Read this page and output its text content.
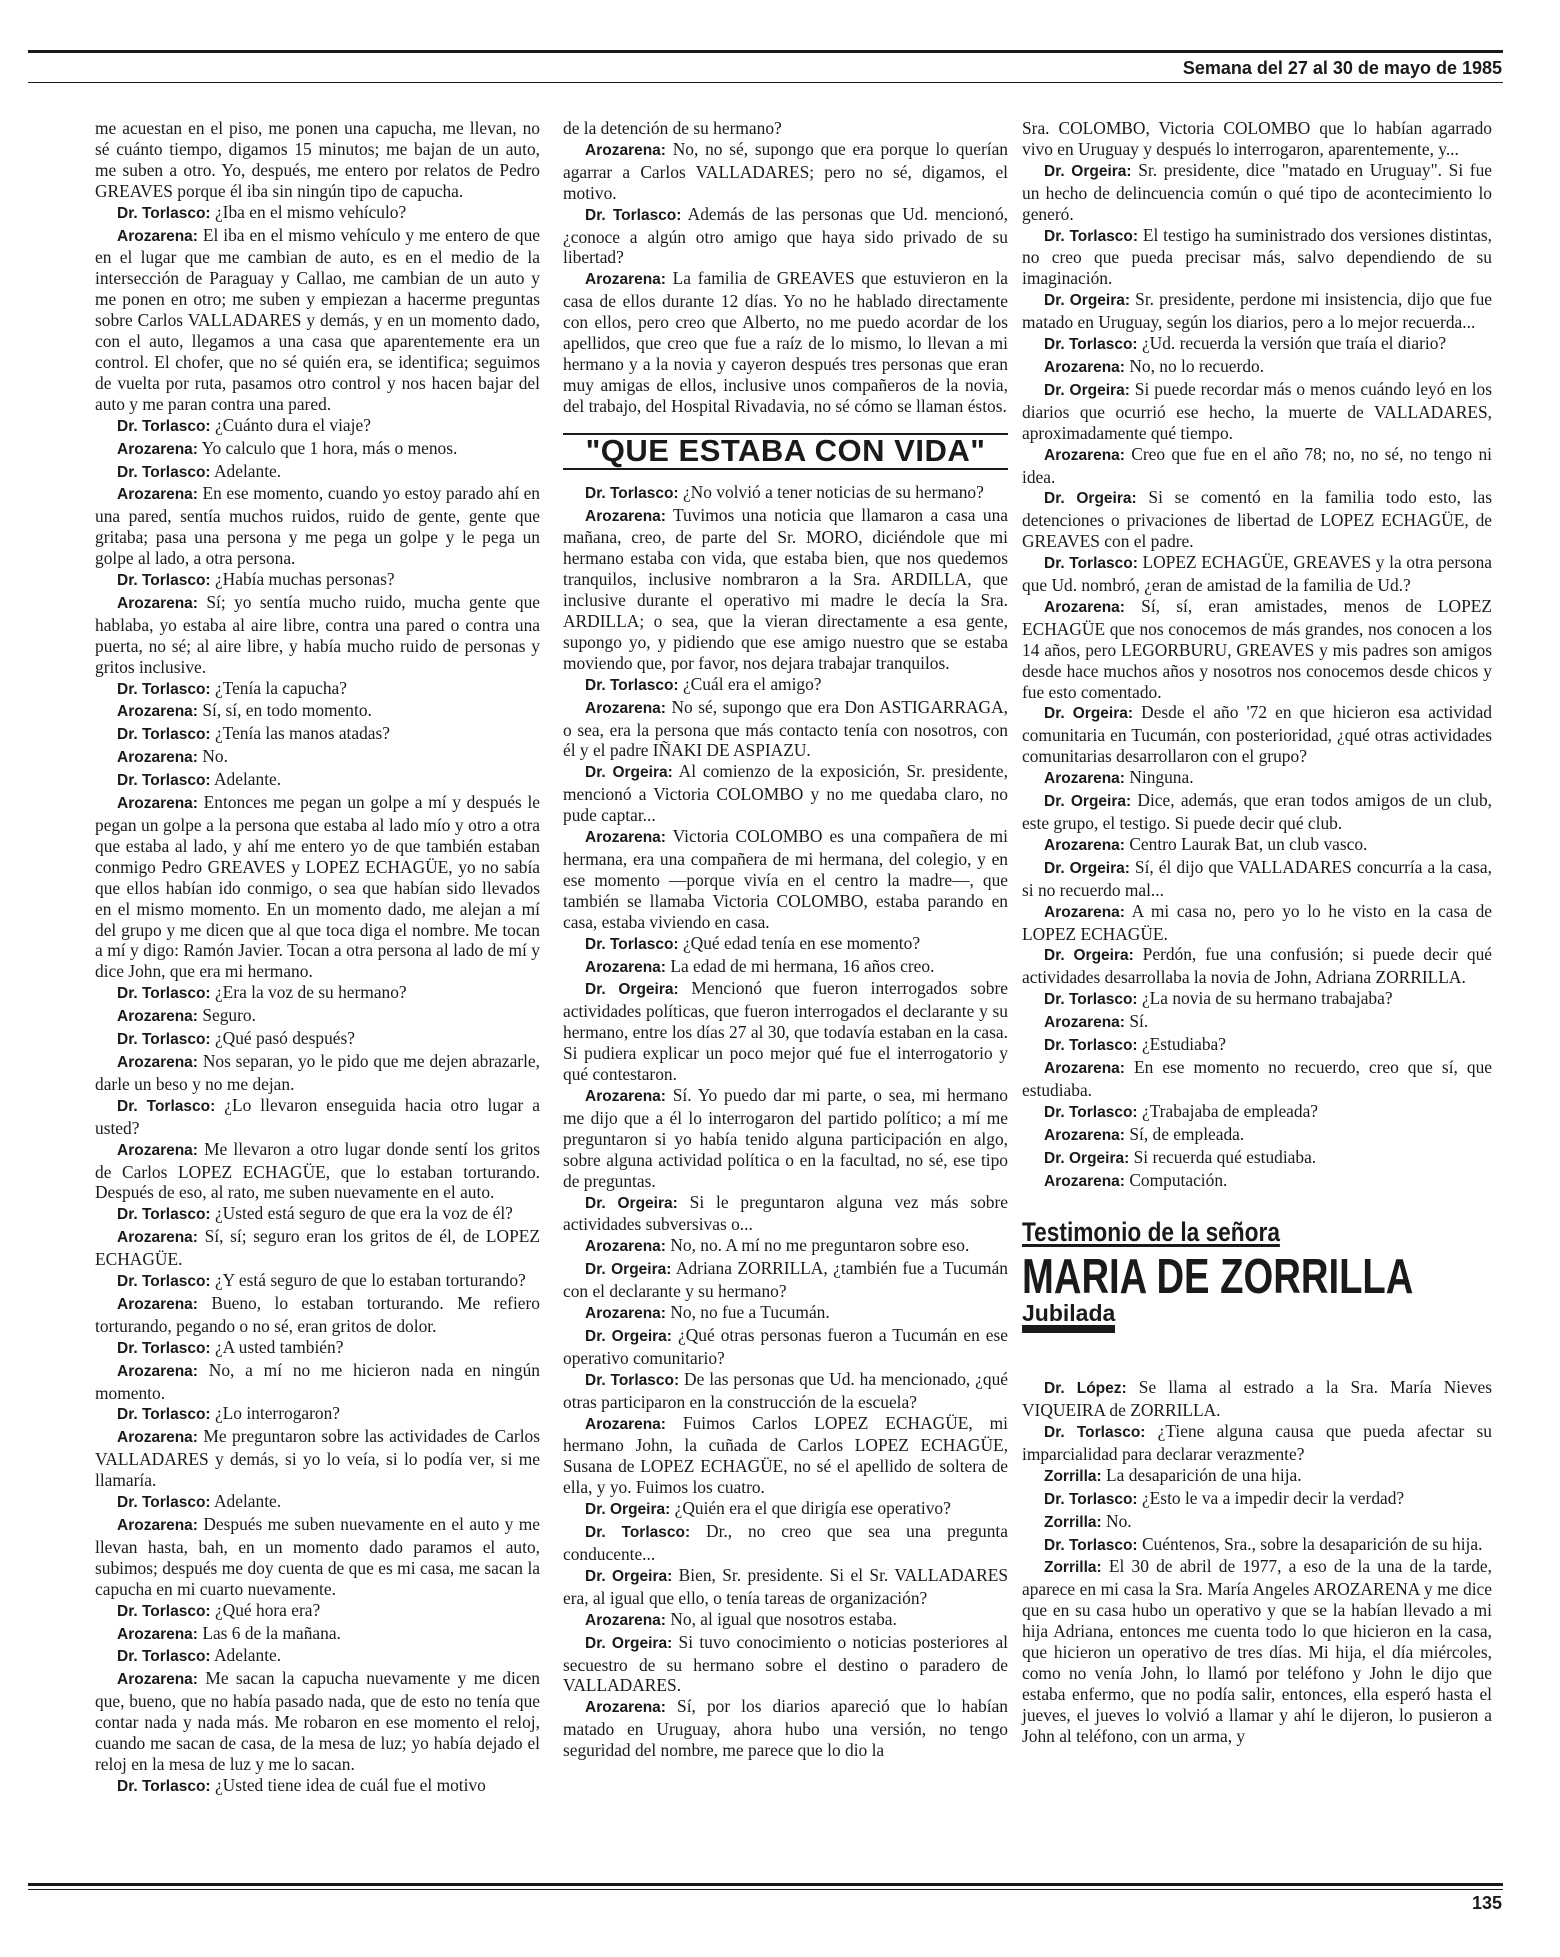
Semana del 27 al 30 de mayo de 1985

me acuestan en el piso, me ponen una capucha, me llevan, no sé cuánto tiempo, digamos 15 minutos; me bajan de un auto, me suben a otro. Yo, después, me entero por relatos de Pedro GREAVES porque él iba sin ningún tipo de capucha.

Dr. Torlasco: ¿Iba en el mismo vehículo?

Arozarena: El iba en el mismo vehículo y me entero de que en el lugar que me cambian de auto, es en el medio de la intersección de Paraguay y Callao, me cambian de un auto y me ponen en otro; me suben y empiezan a hacerme preguntas sobre Carlos VALLADARES y demás, y en un momento dado, con el auto, llegamos a una casa que aparentemente era un control. El chofer, que no sé quién era, se identifica; seguimos de vuelta por ruta, pasamos otro control y nos hacen bajar del auto y me paran contra una pared.

Dr. Torlasco: ¿Cuánto dura el viaje?

Arozarena: Yo calculo que 1 hora, más o menos.

Dr. Torlasco: Adelante.

Arozarena: En ese momento, cuando yo estoy parado ahí en una pared, sentía muchos ruidos, ruido de gente, gente que gritaba; pasa una persona y me pega un golpe y le pega un golpe al lado, a otra persona.

Dr. Torlasco: ¿Había muchas personas?

Arozarena: Sí; yo sentía mucho ruido, mucha gente que hablaba, yo estaba al aire libre, contra una pared o contra una puerta, no sé; al aire libre, y había mucho ruido de personas y gritos inclusive.

Dr. Torlasco: ¿Tenía la capucha?

Arozarena: Sí, sí, en todo momento.

Dr. Torlasco: ¿Tenía las manos atadas?

Arozarena: No.

Dr. Torlasco: Adelante.

Arozarena: Entonces me pegan un golpe a mí y después le pegan un golpe a la persona que estaba al lado mío y otro a otra que estaba al lado, y ahí me entero yo de que también estaban conmigo Pedro GREAVES y LOPEZ ECHAGÜE, yo no sabía que ellos habían ido conmigo, o sea que habían sido llevados en el mismo momento. En un momento dado, me alejan a mí del grupo y me dicen que al que toca diga el nombre. Me tocan a mí y digo: Ramón Javier. Tocan a otra persona al lado de mí y dice John, que era mi hermano.

Dr. Torlasco: ¿Era la voz de su hermano?

Arozarena: Seguro.

Dr. Torlasco: ¿Qué pasó después?

Arozarena: Nos separan, yo le pido que me dejen abrazarle, darle un beso y no me dejan.

Dr. Torlasco: ¿Lo llevaron enseguida hacia otro lugar a usted?

Arozarena: Me llevaron a otro lugar donde sentí los gritos de Carlos LOPEZ ECHAGÜE, que lo estaban torturando. Después de eso, al rato, me suben nuevamente en el auto.

Dr. Torlasco: ¿Usted está seguro de que era la voz de él?

Arozarena: Sí, sí; seguro eran los gritos de él, de LOPEZ ECHAGÜE.

Dr. Torlasco: ¿Y está seguro de que lo estaban torturando?

Arozarena: Bueno, lo estaban torturando. Me refiero torturando, pegando o no sé, eran gritos de dolor.

Dr. Torlasco: ¿A usted también?

Arozarena: No, a mí no me hicieron nada en ningún momento.

Dr. Torlasco: ¿Lo interrogaron?

Arozarena: Me preguntaron sobre las actividades de Carlos VALLADARES y demás, si yo lo veía, si lo podía ver, si me llamaría.

Dr. Torlasco: Adelante.

Arozarena: Después me suben nuevamente en el auto y me llevan hasta, bah, en un momento dado paramos el auto, subimos; después me doy cuenta de que es mi casa, me sacan la capucha en mi cuarto nuevamente.

Dr. Torlasco: ¿Qué hora era?

Arozarena: Las 6 de la mañana.

Dr. Torlasco: Adelante.

Arozarena: Me sacan la capucha nuevamente y me dicen que, bueno, que no había pasado nada, que de esto no tenía que contar nada y nada más. Me robaron en ese momento el reloj, cuando me sacan de casa, de la mesa de luz; yo había dejado el reloj en la mesa de luz y me lo sacan.

Dr. Torlasco: ¿Usted tiene idea de cuál fue el motivo

de la detención de su hermano?

Arozarena: No, no sé, supongo que era porque lo querían agarrar a Carlos VALLADARES; pero no sé, digamos, el motivo.

Dr. Torlasco: Además de las personas que Ud. mencionó, ¿conoce a algún otro amigo que haya sido privado de su libertad?

Arozarena: La familia de GREAVES que estuvieron en la casa de ellos durante 12 días. Yo no he hablado directamente con ellos, pero creo que Alberto, no me puedo acordar de los apellidos, que creo que fue a raíz de lo mismo, lo llevan a mi hermano y a la novia y cayeron después tres personas que eran muy amigas de ellos, inclusive unos compañeros de la novia, del trabajo, del Hospital Rivadavia, no sé cómo se llaman éstos.

"QUE ESTABA CON VIDA"

Dr. Torlasco: ¿No volvió a tener noticias de su hermano?

Arozarena: Tuvimos una noticia que llamaron a casa una mañana, creo, de parte del Sr. MORO, diciéndole que mi hermano estaba con vida, que estaba bien, que nos quedemos tranquilos, inclusive nombraron a la Sra. ARDILLA, que inclusive durante el operativo mi madre le decía la Sra. ARDILLA; o sea, que la vieran directamente a esa gente, supongo yo, y pidiendo que ese amigo nuestro que se estaba moviendo que, por favor, nos dejara trabajar tranquilos.

Dr. Torlasco: ¿Cuál era el amigo?

Arozarena: No sé, supongo que era Don ASTIGARRAGA, o sea, era la persona que más contacto tenía con nosotros, con él y el padre IÑAKI DE ASPIAZU.

Dr. Orgeira: Al comienzo de la exposición, Sr. presidente, mencionó a Victoria COLOMBO y no me quedaba claro, no pude captar...

Arozarena: Victoria COLOMBO es una compañera de mi hermana, era una compañera de mi hermana, del colegio, y en ese momento —porque vivía en el centro la madre—, que también se llamaba Victoria COLOMBO, estaba parando en casa, estaba viviendo en casa.

Dr. Torlasco: ¿Qué edad tenía en ese momento?

Arozarena: La edad de mi hermana, 16 años creo.

Dr. Orgeira: Mencionó que fueron interrogados sobre actividades políticas, que fueron interrogados el declarante y su hermano, entre los días 27 al 30, que todavía estaban en la casa. Si pudiera explicar un poco mejor qué fue el interrogatorio y qué contestaron.

Arozarena: Sí. Yo puedo dar mi parte, o sea, mi hermano me dijo que a él lo interrogaron del partido político; a mí me preguntaron si yo había tenido alguna participación en algo, sobre alguna actividad política o en la facultad, no sé, ese tipo de preguntas.

Dr. Orgeira: Si le preguntaron alguna vez más sobre actividades subversivas o...

Arozarena: No, no. A mí no me preguntaron sobre eso.

Dr. Orgeira: Adriana ZORRILLA, ¿también fue a Tucumán con el declarante y su hermano?

Arozarena: No, no fue a Tucumán.

Dr. Orgeira: ¿Qué otras personas fueron a Tucumán en ese operativo comunitario?

Dr. Torlasco: De las personas que Ud. ha mencionado, ¿qué otras participaron en la construcción de la escuela?

Arozarena: Fuimos Carlos LOPEZ ECHAGÜE, mi hermano John, la cuñada de Carlos LOPEZ ECHAGÜE, Susana de LOPEZ ECHAGÜE, no sé el apellido de soltera de ella, y yo. Fuimos los cuatro.

Dr. Orgeira: ¿Quién era el que dirigía ese operativo?

Dr. Torlasco: Dr., no creo que sea una pregunta conducente...

Dr. Orgeira: Bien, Sr. presidente. Si el Sr. VALLADARES era, al igual que ello, o tenía tareas de organización?

Arozarena: No, al igual que nosotros estaba.

Dr. Orgeira: Si tuvo conocimiento o noticias posteriores al secuestro de su hermano sobre el destino o paradero de VALLADARES.

Arozarena: Sí, por los diarios apareció que lo habían matado en Uruguay, ahora hubo una versión, no tengo seguridad del nombre, me parece que lo dio la

Sra. COLOMBO, Victoria COLOMBO que lo habían agarrado vivo en Uruguay y después lo interrogaron, aparentemente, y...

Dr. Orgeira: Sr. presidente, dice "matado en Uruguay". Si fue un hecho de delincuencia común o qué tipo de acontecimiento lo generó.

Dr. Torlasco: El testigo ha suministrado dos versiones distintas, no creo que pueda precisar más, salvo dependiendo de su imaginación.

Dr. Orgeira: Sr. presidente, perdone mi insistencia, dijo que fue matado en Uruguay, según los diarios, pero a lo mejor recuerda...

Dr. Torlasco: ¿Ud. recuerda la versión que traía el diario?

Arozarena: No, no lo recuerdo.

Dr. Orgeira: Si puede recordar más o menos cuándo leyó en los diarios que ocurrió ese hecho, la muerte de VALLADARES, aproximadamente qué tiempo.

Arozarena: Creo que fue en el año 78; no, no sé, no tengo ni idea.

Dr. Orgeira: Si se comentó en la familia todo esto, las detenciones o privaciones de libertad de LOPEZ ECHAGÜE, de GREAVES con el padre.

Dr. Torlasco: LOPEZ ECHAGÜE, GREAVES y la otra persona que Ud. nombró, ¿eran de amistad de la familia de Ud.?

Arozarena: Sí, sí, eran amistades, menos de LOPEZ ECHAGÜE que nos conocemos de más grandes, nos conocen a los 14 años, pero LEGORBURU, GREAVES y mis padres son amigos desde hace muchos años y nosotros nos conocemos desde chicos y fue esto comentado.

Dr. Orgeira: Desde el año '72 en que hicieron esa actividad comunitaria en Tucumán, con posterioridad, ¿qué otras actividades comunitarias desarrollaron con el grupo?

Arozarena: Ninguna.

Dr. Orgeira: Dice, además, que eran todos amigos de un club, este grupo, el testigo. Si puede decir qué club.

Arozarena: Centro Laurak Bat, un club vasco.

Dr. Orgeira: Sí, él dijo que VALLADARES concurría a la casa, si no recuerdo mal...

Arozarena: A mi casa no, pero yo lo he visto en la casa de LOPEZ ECHAGÜE.

Dr. Orgeira: Perdón, fue una confusión; si puede decir qué actividades desarrollaba la novia de John, Adriana ZORRILLA.

Dr. Torlasco: ¿La novia de su hermano trabajaba?

Arozarena: Sí.

Dr. Torlasco: ¿Estudiaba?

Arozarena: En ese momento no recuerdo, creo que sí, que estudiaba.

Dr. Torlasco: ¿Trabajaba de empleada?

Arozarena: Sí, de empleada.

Dr. Orgeira: Si recuerda qué estudiaba.

Arozarena: Computación.

Testimonio de la señora

MARIA DE ZORRILLA
Jubilada

Dr. López: Se llama al estrado a la Sra. María Nieves VIQUEIRA de ZORRILLA.

Dr. Torlasco: ¿Tiene alguna causa que pueda afectar su imparcialidad para declarar verazmente?

Zorrilla: La desaparición de una hija.

Dr. Torlasco: ¿Esto le va a impedir decir la verdad?

Zorrilla: No.

Dr. Torlasco: Cuéntenos, Sra., sobre la desaparición de su hija.

Zorrilla: El 30 de abril de 1977, a eso de la una de la tarde, aparece en mi casa la Sra. María Angeles AROZARENA y me dice que en su casa hubo un operativo y que se la habían llevado a mi hija Adriana, entonces me cuenta todo lo que hicieron en la casa, que hicieron un operativo de tres días. Mi hija, el día miércoles, como no venía John, lo llamó por teléfono y John le dijo que estaba enfermo, que no podía salir, entonces, ella esperó hasta el jueves, el jueves lo volvió a llamar y ahí le dijeron, lo pusieron a John al teléfono, con un arma, y

135
